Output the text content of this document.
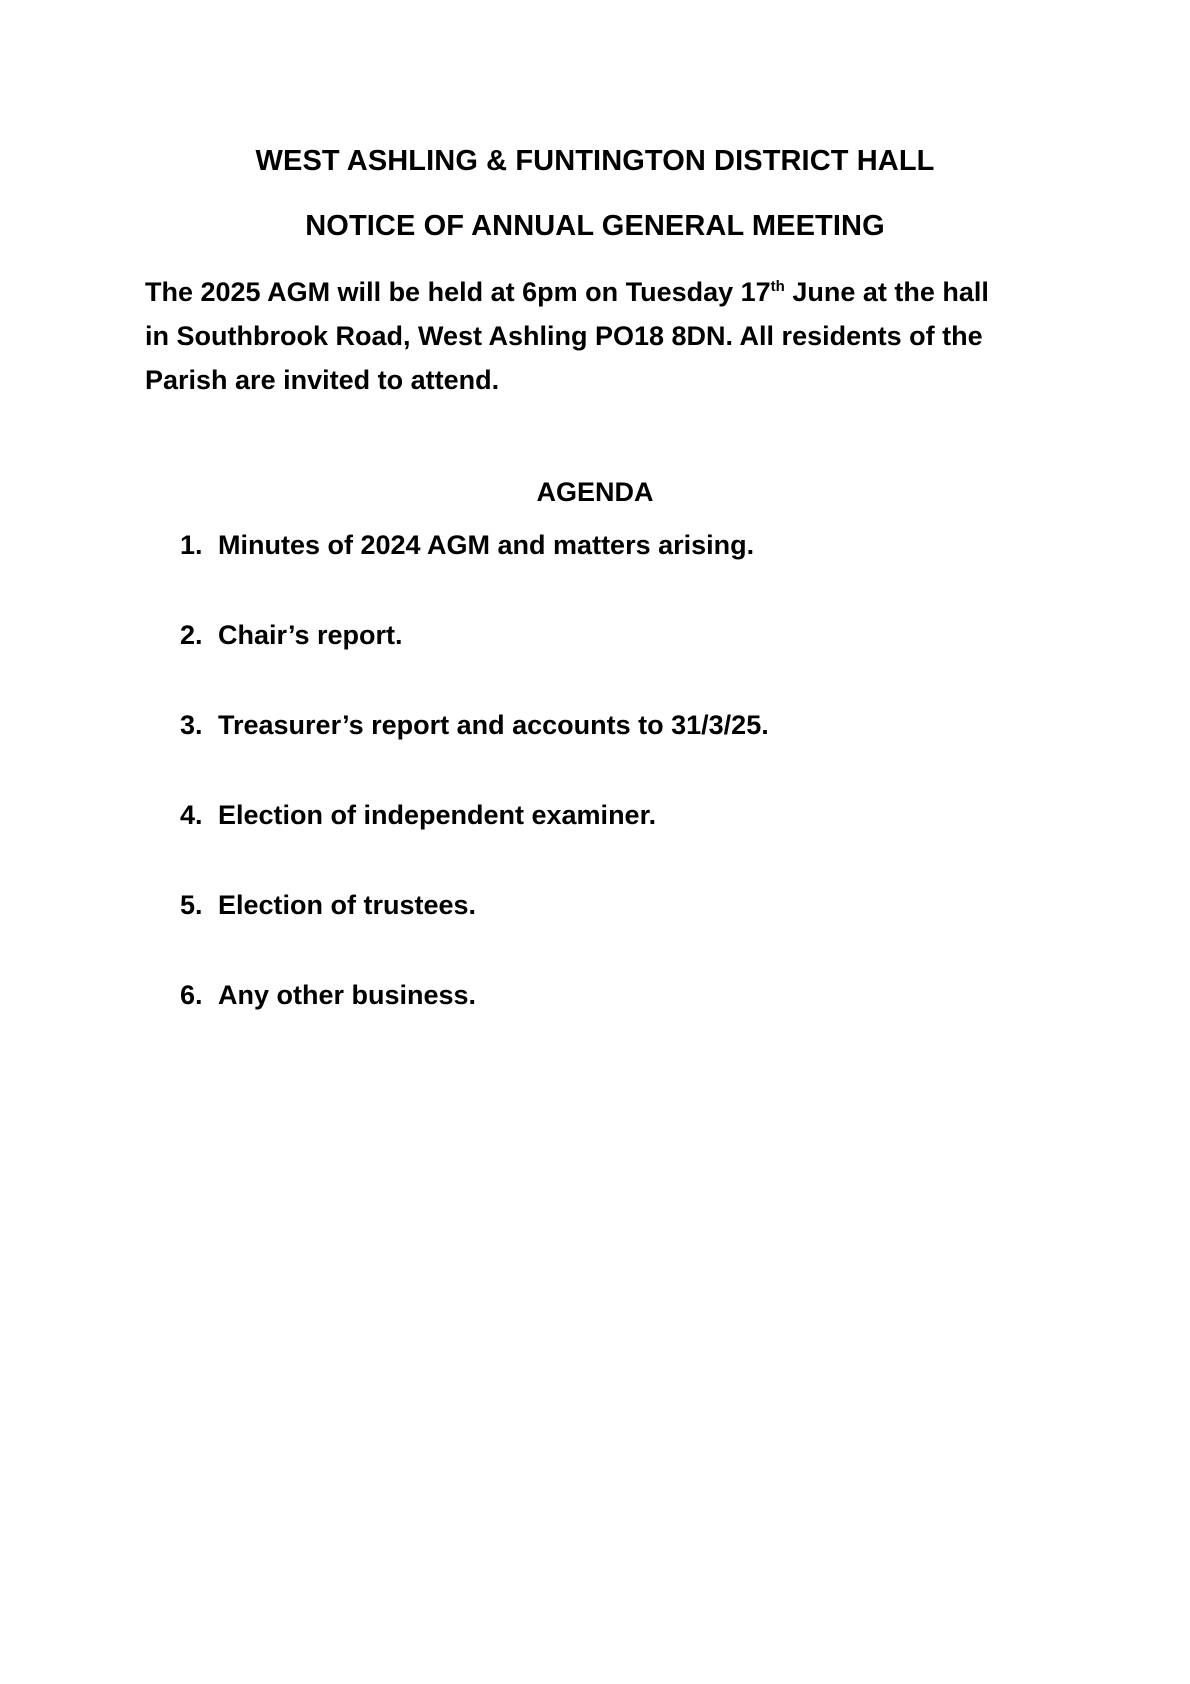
WEST ASHLING & FUNTINGTON DISTRICT HALL
NOTICE OF ANNUAL GENERAL MEETING

The 2025 AGM will be held at 6pm on Tuesday 17th June at the hall
in Southbrook Road, West Ashling PO18 8DN. All residents of the
Parish are invited to attend.

AGENDA
1. Minutes of 2024 AGM and matters arising.
2. Chair’s report.
3. Treasurer’s report and accounts to 31/3/25.
4. Election of independent examiner.
5. Election of trustees.
6. Any other business.
